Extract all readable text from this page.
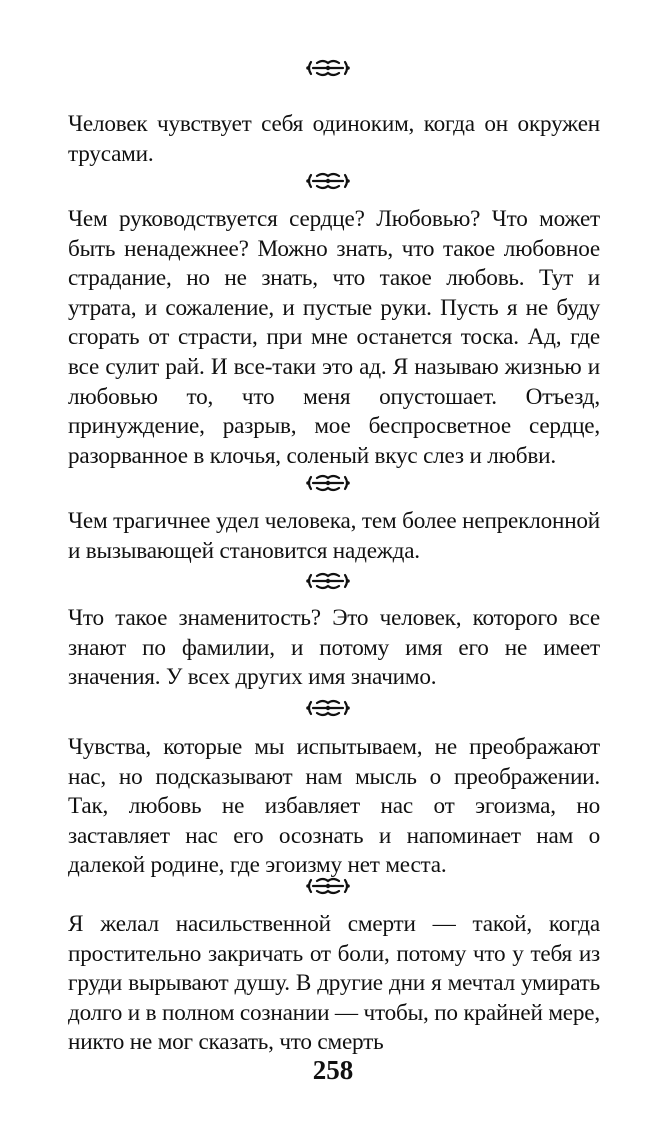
Человек чувствует себя одиноким, когда он окружен трусами.

Чем руководствуется сердце? Любовью? Что может быть ненадежнее? Можно знать, что такое любовное страдание, но не знать, что такое любовь. Тут и утрата, и сожаление, и пустые руки. Пусть я не буду сгорать от страсти, при мне останется тоска. Ад, где все сулит рай. И все-таки это ад. Я называю жизнью и любовью то, что меня опустошает. Отъезд, принуждение, разрыв, мое беспросветное сердце, разорванное в клочья, соленый вкус слез и любви.

Чем трагичнее удел человека, тем более непреклонной и вызывающей становится надежда.

Что такое знаменитость? Это человек, которого все знают по фамилии, и потому имя его не имеет значения. У всех других имя значимо.

Чувства, которые мы испытываем, не преображают нас, но подсказывают нам мысль о преображении. Так, любовь не избавляет нас от эгоизма, но заставляет нас его осознать и напоминает нам о далекой родине, где эгоизму нет места.

Я желал насильственной смерти — такой, когда простительно закричать от боли, потому что у тебя из груди вырывают душу. В другие дни я мечтал умирать долго и в полном сознании — чтобы, по крайней мере, никто не мог сказать, что смерть

258
